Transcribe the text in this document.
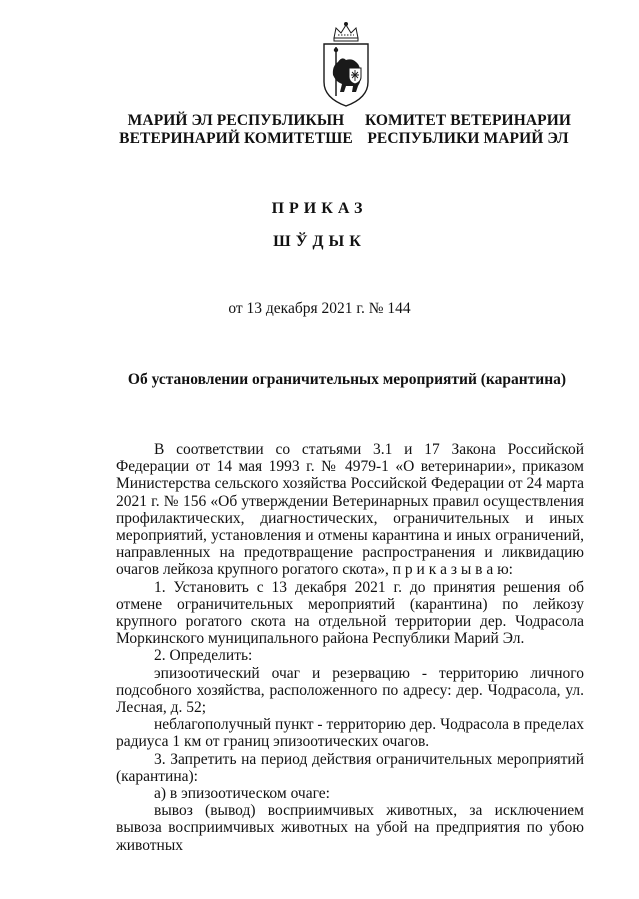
МАРИЙ ЭЛ РЕСПУБЛИКЫН
ВЕТЕРИНАРИЙ КОМИТЕТШЕ
КОМИТЕТ ВЕТЕРИНАРИИ
РЕСПУБЛИКИ МАРИЙ ЭЛ
ПРИКАЗ
ШЎДЫК
от 13 декабря 2021 г. № 144
Об установлении ограничительных мероприятий (карантина)

В соответствии со статьями 3.1 и 17 Закона Российской Федерации от 14 мая 1993 г. № 4979-1 «О ветеринарии», приказом Министерства сельского хозяйства Российской Федерации от 24 марта 2021 г. № 156 «Об утверждении Ветеринарных правил осуществления профилактических, диагностических, ограничительных и иных мероприятий, установления и отмены карантина и иных ограничений, направленных на предотвращение распространения и ликвидацию очагов лейкоза крупного рогатого скота», п р и к а з ы в а ю:

1. Установить с 13 декабря 2021 г. до принятия решения об отмене ограничительных мероприятий (карантина) по лейкозу крупного рогатого скота на отдельной территории дер. Чодрасола Моркинского муниципального района Республики Марий Эл.

2. Определить:

эпизоотический очаг и резервацию - территорию личного подсобного хозяйства, расположенного по адресу: дер. Чодрасола, ул. Лесная, д. 52;

неблагополучный пункт - территорию дер. Чодрасола в пределах радиуса 1 км от границ эпизоотических очагов.

3. Запретить на период действия ограничительных мероприятий (карантина):

а) в эпизоотическом очаге:

вывоз (вывод) восприимчивых животных, за исключением вывоза восприимчивых животных на убой на предприятия по убою животных
